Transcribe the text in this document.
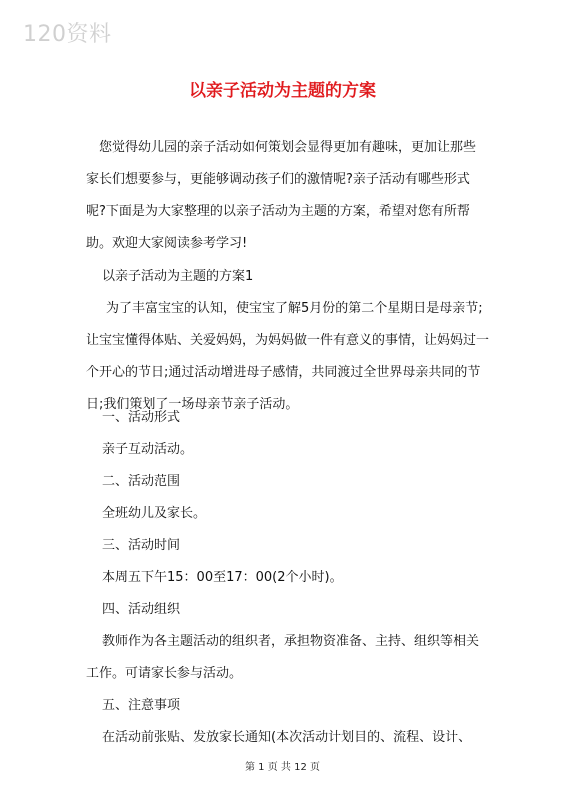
120资料
以亲子活动为主题的方案

您觉得幼儿园的亲子活动如何策划会显得更加有趣味，更加让那些家长们想要参与，更能够调动孩子们的激情呢?亲子活动有哪些形式呢?下面是为大家整理的以亲子活动为主题的方案，希望对您有所帮助。欢迎大家阅读参考学习!

以亲子活动为主题的方案1

为了丰富宝宝的认知，使宝宝了解5月份的第二个星期日是母亲节;让宝宝懂得体贴、关爱妈妈，为妈妈做一件有意义的事情，让妈妈过一个开心的节日;通过活动增进母子感情，共同渡过全世界母亲共同的节日;我们策划了一场母亲节亲子活动。

一、活动形式

亲子互动活动。

二、活动范围

全班幼儿及家长。

三、活动时间

本周五下午15：00至17：00(2个小时)。

四、活动组织

教师作为各主题活动的组织者，承担物资准备、主持、组织等相关工作。可请家长参与活动。

五、注意事项

在活动前张贴、发放家长通知(本次活动计划目的、流程、设计、

第 1 页 共 12 页
